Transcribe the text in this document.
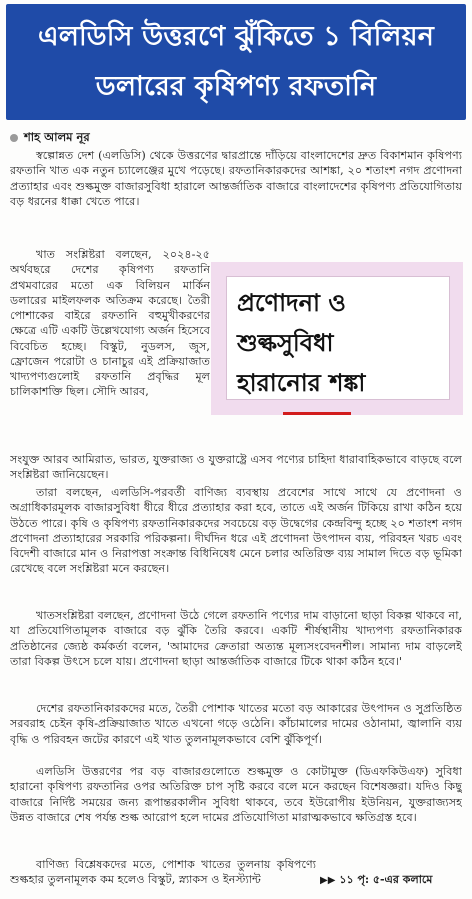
এলডিসি উত্তরণে ঝুঁকিতে ১ বিলিয়ন
ডলারের কৃষিপণ্য রফতানি
শাহ আলম নূর

স্বল্পোন্নত দেশ (এলডিসি) থেকে উত্তরণের দ্বারপ্রান্তে দাঁড়িয়ে বাংলাদেশের দ্রুত বিকাশমান কৃষিপণ্য রফতানি খাত এক নতুন চ্যালেঞ্জের মুখে পড়েছে। রফতানিকারকদের আশঙ্কা, ২০ শতাংশ নগদ প্রণোদনা প্রত্যাহার এবং শুল্কমুক্ত বাজারসুবিধা হারালে আন্তর্জাতিক বাজারে বাংলাদেশের কৃষিপণ্য প্রতিযোগিতায় বড় ধরনের ধাক্কা খেতে পারে।

খাত সংশ্লিষ্টরা বলছেন, ২০২৪-২৫ অর্থবছরে দেশের কৃষিপণ্য রফতানি প্রথমবারের মতো এক বিলিয়ন মার্কিন ডলারের মাইলফলক অতিক্রম করেছে। তৈরী পোশাকের বাইরে রফতানি বহুমুখীকরণের ক্ষেত্রে এটি একটি উল্লেখযোগ্য অর্জন হিসেবে বিবেচিত হচ্ছে। বিস্কুট, নুডলস, জুস, ফ্রোজেন পরোটা ও চানাচুর এই প্রক্রিয়াজাত খাদ্যপণ্যগুলোই রফতানি প্রবৃদ্ধির মূল চালিকাশক্তি ছিল। সৌদি আরব,

প্রণোদনা ও
শুল্কসুবিধা
হারানোর শঙ্কা

সংযুক্ত আরব আমিরাত, ভারত, যুক্তরাজ্য ও যুক্তরাষ্ট্রে এসব পণ্যের চাহিদা ধারাবাহিকভাবে বাড়ছে বলে সংশ্লিষ্টরা জানিয়েছেন।

তারা বলছেন, এলডিসি-পরবর্তী বাণিজ্য ব্যবস্থায় প্রবেশের সাথে সাথে যে প্রণোদনা ও অগ্রাধিকারমূলক বাজারসুবিধা ধীরে ধীরে প্রত্যাহার করা হবে, তাতে এই অর্জন টিকিয়ে রাখা কঠিন হয়ে উঠতে পারে। কৃষি ও কৃষিপণ্য রফতানিকারকদের সবচেয়ে বড় উদ্বেগের কেন্দ্রবিন্দু হচ্ছে ২০ শতাংশ নগদ প্রণোদনা প্রত্যাহারের সরকারি পরিকল্পনা। দীর্ঘদিন ধরে এই প্রণোদনা উৎপাদন ব্যয়, পরিবহন খরচ এবং বিদেশী বাজারে মান ও নিরাপত্তা সংক্রান্ত বিধিনিষেধ মেনে চলার অতিরিক্ত ব্যয় সামাল দিতে বড় ভূমিকা রেখেছে বলে সংশ্লিষ্টরা মনে করছেন।

খাতসংশ্লিষ্টরা বলছেন, প্রণোদনা উঠে গেলে রফতানি পণ্যের দাম বাড়ানো ছাড়া বিকল্প থাকবে না, যা প্রতিযোগিতামূলক বাজারে বড় ঝুঁকি তৈরি করবে। একটি শীর্ষস্থানীয় খাদ্যপণ্য রফতানিকারক প্রতিষ্ঠানের জ্যেষ্ঠ কর্মকর্তা বলেন, 'আমাদের ক্রেতারা অত্যন্ত মূল্যসংবেদনশীল। সামান্য দাম বাড়লেই তারা বিকল্প উৎসে চলে যায়। প্রণোদনা ছাড়া আন্তর্জাতিক বাজারে টিকে থাকা কঠিন হবে।'

দেশের রফতানিকারকদের মতে, তৈরী পোশাক খাতের মতো বড় আকারের উৎপাদন ও সুপ্রতিষ্ঠিত সরবরাহ চেইন কৃষি-প্রক্রিয়াজাত খাতে এখনো গড়ে ওঠেনি। কাঁচামালের দামের ওঠানামা, জ্বালানি ব্যয় বৃদ্ধি ও পরিবহন জটের কারণে এই খাত তুলনামূলকভাবে বেশি ঝুঁকিপূর্ণ।

এলডিসি উত্তরণের পর বড় বাজারগুলোতে শুল্কমুক্ত ও কোটামুক্ত (ডিএফকিউএফ) সুবিধা হারানো কৃষিপণ্য রফতানির ওপর অতিরিক্ত চাপ সৃষ্টি করবে বলে মনে করছেন বিশেষজ্ঞরা। যদিও কিছু বাজারে নির্দিষ্ট সময়ের জন্য রূপান্তরকালীন সুবিধা থাকবে, তবে ইউরোপীয় ইউনিয়ন, যুক্তরাজ্যসহ উন্নত বাজারে শেষ পর্যন্ত শুল্ক আরোপ হলে দামের প্রতিযোগিতা মারাত্মকভাবে ক্ষতিগ্রস্ত হবে।

বাণিজ্য বিশ্লেষকদের মতে, পোশাক খাতের তুলনায় কৃষিপণ্যে শুল্কহার তুলনামূলক কম হলেও বিস্কুট, স্ন্যাকস ও ইনস্ট্যান্ট	▶▶ ১১ পৃ: ৫-এর কলামে
